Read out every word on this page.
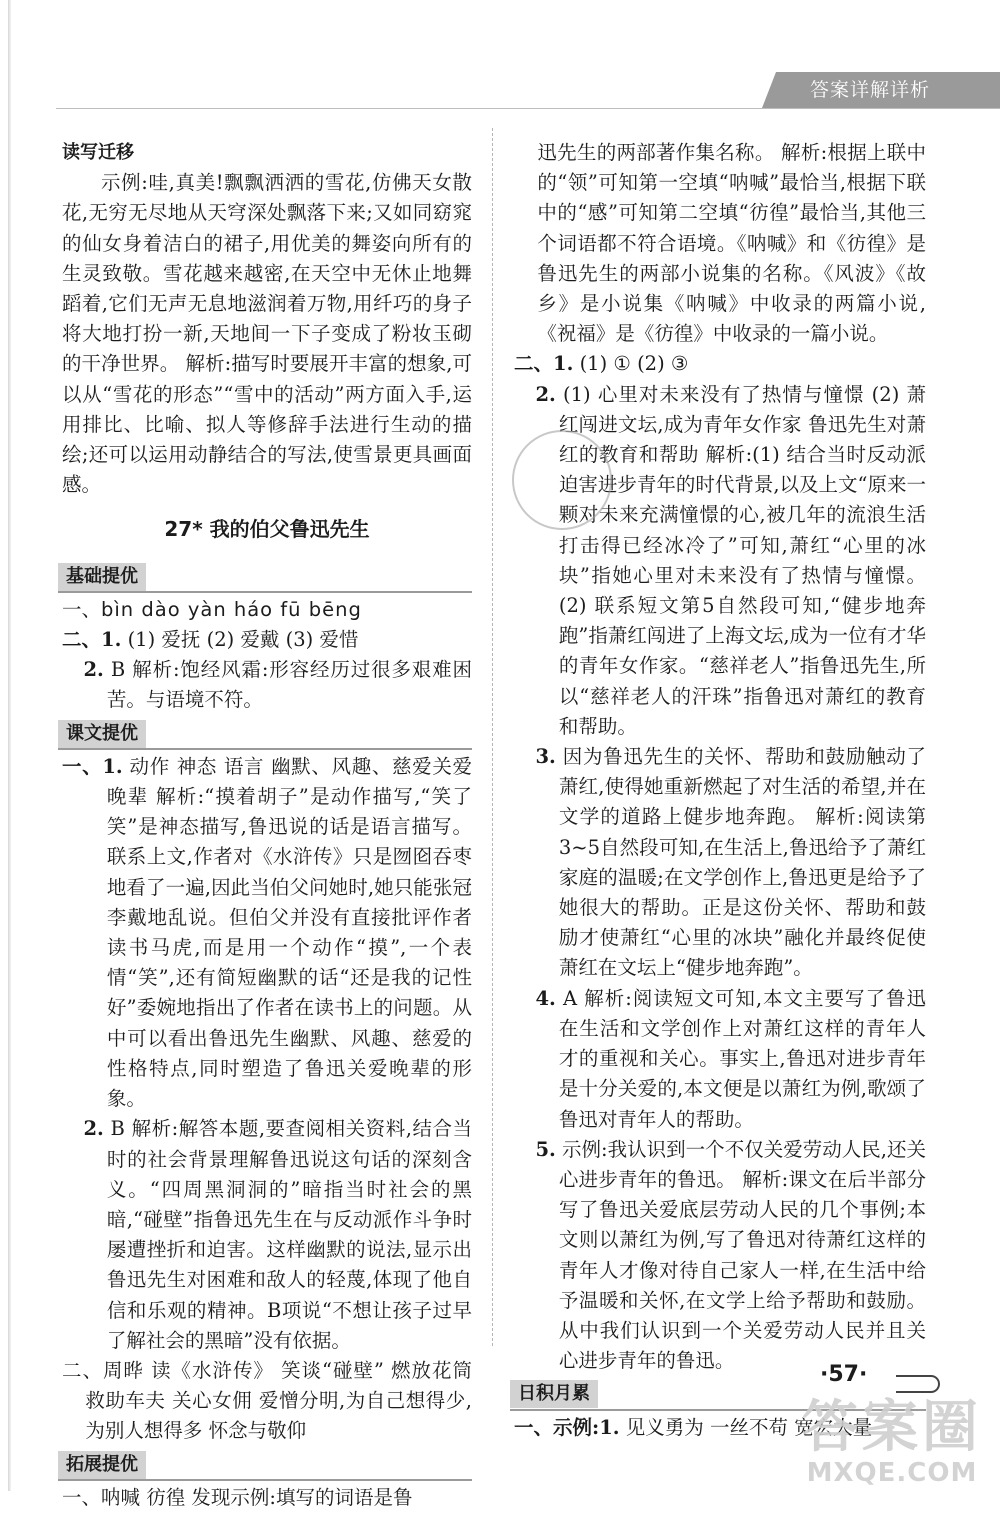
答案详解详析
读写迁移

示例:哇,真美!飘飘洒洒的雪花,仿佛天女散花,无穷无尽地从天穹深处飘落下来;又如同窈窕的仙女身着洁白的裙子,用优美的舞姿向所有的生灵致敬。雪花越来越密,在天空中无休止地舞蹈着,它们无声无息地滋润着万物,用纤巧的身子将大地打扮一新,天地间一下子变成了粉妆玉砌的干净世界。 解析:描写时要展开丰富的想象,可以从“雪花的形态”“雪中的活动”两方面入手,运用排比、比喻、拟人等修辞手法进行生动的描绘;还可以运用动静结合的写法,使雪景更具画面感。

27* 我的伯父鲁迅先生
基础提优

一、bìn dào yàn háo fū bēng

二、1. (1) 爱抚 (2) 爱戴 (3) 爱惜

2. B 解析:饱经风霜:形容经历过很多艰难困苦。与语境不符。

课文提优

一、1. 动作 神态 语言 幽默、风趣、慈爱关爱晚辈 解析:“摸着胡子”是动作描写,“笑了笑”是神态描写,鲁迅说的话是语言描写。联系上文,作者对《水浒传》只是囫囵吞枣地看了一遍,因此当伯父问她时,她只能张冠李戴地乱说。但伯父并没有直接批评作者读书马虎,而是用一个动作“摸”,一个表情“笑”,还有简短幽默的话“还是我的记性好”委婉地指出了作者在读书上的问题。从中可以看出鲁迅先生幽默、风趣、慈爱的性格特点,同时塑造了鲁迅关爱晚辈的形象。

2. B 解析:解答本题,要查阅相关资料,结合当时的社会背景理解鲁迅说这句话的深刻含义。“四周黑洞洞的”暗指当时社会的黑暗,“碰壁”指鲁迅先生在与反动派作斗争时屡遭挫折和迫害。这样幽默的说法,显示出鲁迅先生对困难和敌人的轻蔑,体现了他自信和乐观的精神。B项说“不想让孩子过早了解社会的黑暗”没有依据。

二、周晔 读《水浒传》 笑谈“碰壁” 燃放花筒 救助车夫 关心女佣 爱憎分明,为自己想得少,为别人想得多 怀念与敬仰

拓展提优

一、呐喊 彷徨 发现示例:填写的词语是鲁

迅先生的两部著作集名称。 解析:根据上联中的“领”可知第一空填“呐喊”最恰当,根据下联中的“感”可知第二空填“彷徨”最恰当,其他三个词语都不符合语境。《呐喊》和《彷徨》是鲁迅先生的两部小说集的名称。《风波》《故乡》是小说集《呐喊》中收录的两篇小说,《祝福》是《彷徨》中收录的一篇小说。

二、1. (1) ① (2) ③

2. (1) 心里对未来没有了热情与憧憬 (2) 萧红闯进文坛,成为青年女作家 鲁迅先生对萧红的教育和帮助 解析:(1) 结合当时反动派迫害进步青年的时代背景,以及上文“原来一颗对未来充满憧憬的心,被几年的流浪生活打击得已经冰冷了”可知,萧红“心里的冰块”指她心里对未来没有了热情与憧憬。 (2) 联系短文第5自然段可知,“健步地奔跑”指萧红闯进了上海文坛,成为一位有才华的青年女作家。“慈祥老人”指鲁迅先生,所以“慈祥老人的汗珠”指鲁迅对萧红的教育和帮助。

3. 因为鲁迅先生的关怀、帮助和鼓励触动了萧红,使得她重新燃起了对生活的希望,并在文学的道路上健步地奔跑。 解析:阅读第3~5自然段可知,在生活上,鲁迅给予了萧红家庭的温暖;在文学创作上,鲁迅更是给予了她很大的帮助。正是这份关怀、帮助和鼓励才使萧红“心里的冰块”融化并最终促使萧红在文坛上“健步地奔跑”。

4. A 解析:阅读短文可知,本文主要写了鲁迅在生活和文学创作上对萧红这样的青年人才的重视和关心。事实上,鲁迅对进步青年是十分关爱的,本文便是以萧红为例,歌颂了鲁迅对青年人的帮助。

5. 示例:我认识到一个不仅关爱劳动人民,还关心进步青年的鲁迅。 解析:课文在后半部分写了鲁迅关爱底层劳动人民的几个事例;本文则以萧红为例,写了鲁迅对待萧红这样的青年人才像对待自己家人一样,在生活中给予温暖和关怀,在文学上给予帮助和鼓励。从中我们认识到一个关爱劳动人民并且关心进步青年的鲁迅。

日积月累

一、示例:1. 见义勇为 一丝不苟 宽宏大量

·57·
答案圈
MXQE.COM
